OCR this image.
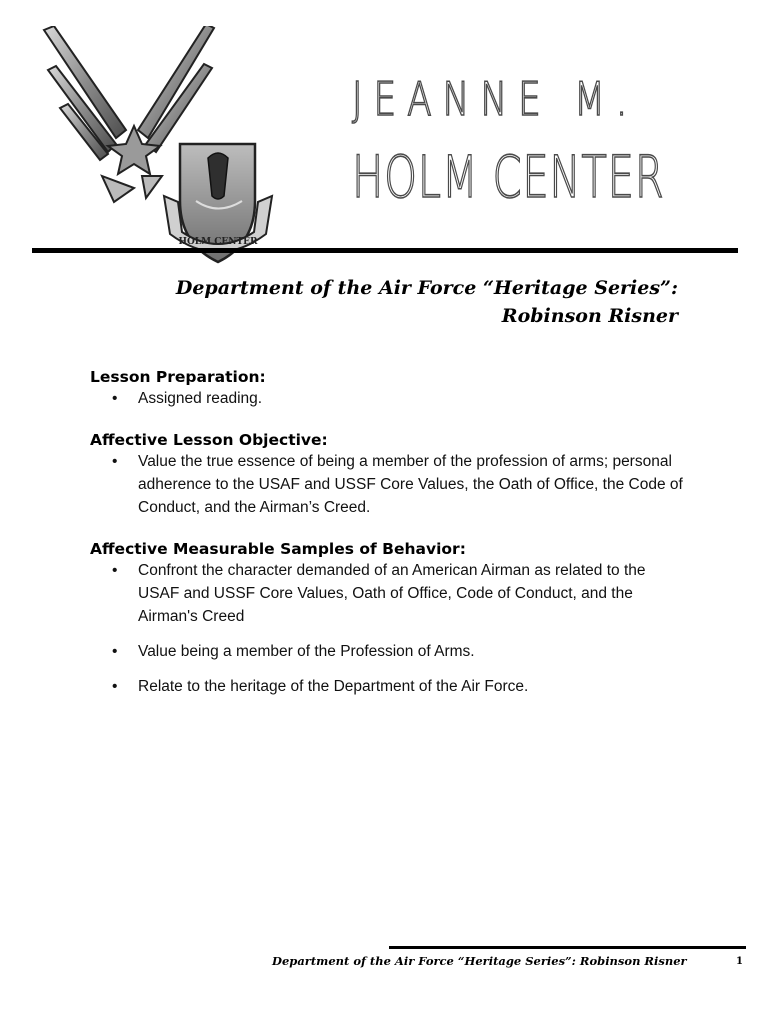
HOLM CENTER
JEANNE M.
HOLM CENTER
Department of the Air Force “Heritage Series”:
Robinson Risner
Lesson Preparation:
• Assigned reading.
Affective Lesson Objective:
• Value the true essence of being a member of the profession of arms; personal adherence to the USAF and USSF Core Values, the Oath of Office, the Code of Conduct, and the Airman’s Creed.
Affective Measurable Samples of Behavior:
• Confront the character demanded of an American Airman as related to the USAF and USSF Core Values, Oath of Office, Code of Conduct, and the Airman's Creed
• Value being a member of the Profession of Arms.
• Relate to the heritage of the Department of the Air Force.
Department of the Air Force “Heritage Series”: Robinson Risner	1
